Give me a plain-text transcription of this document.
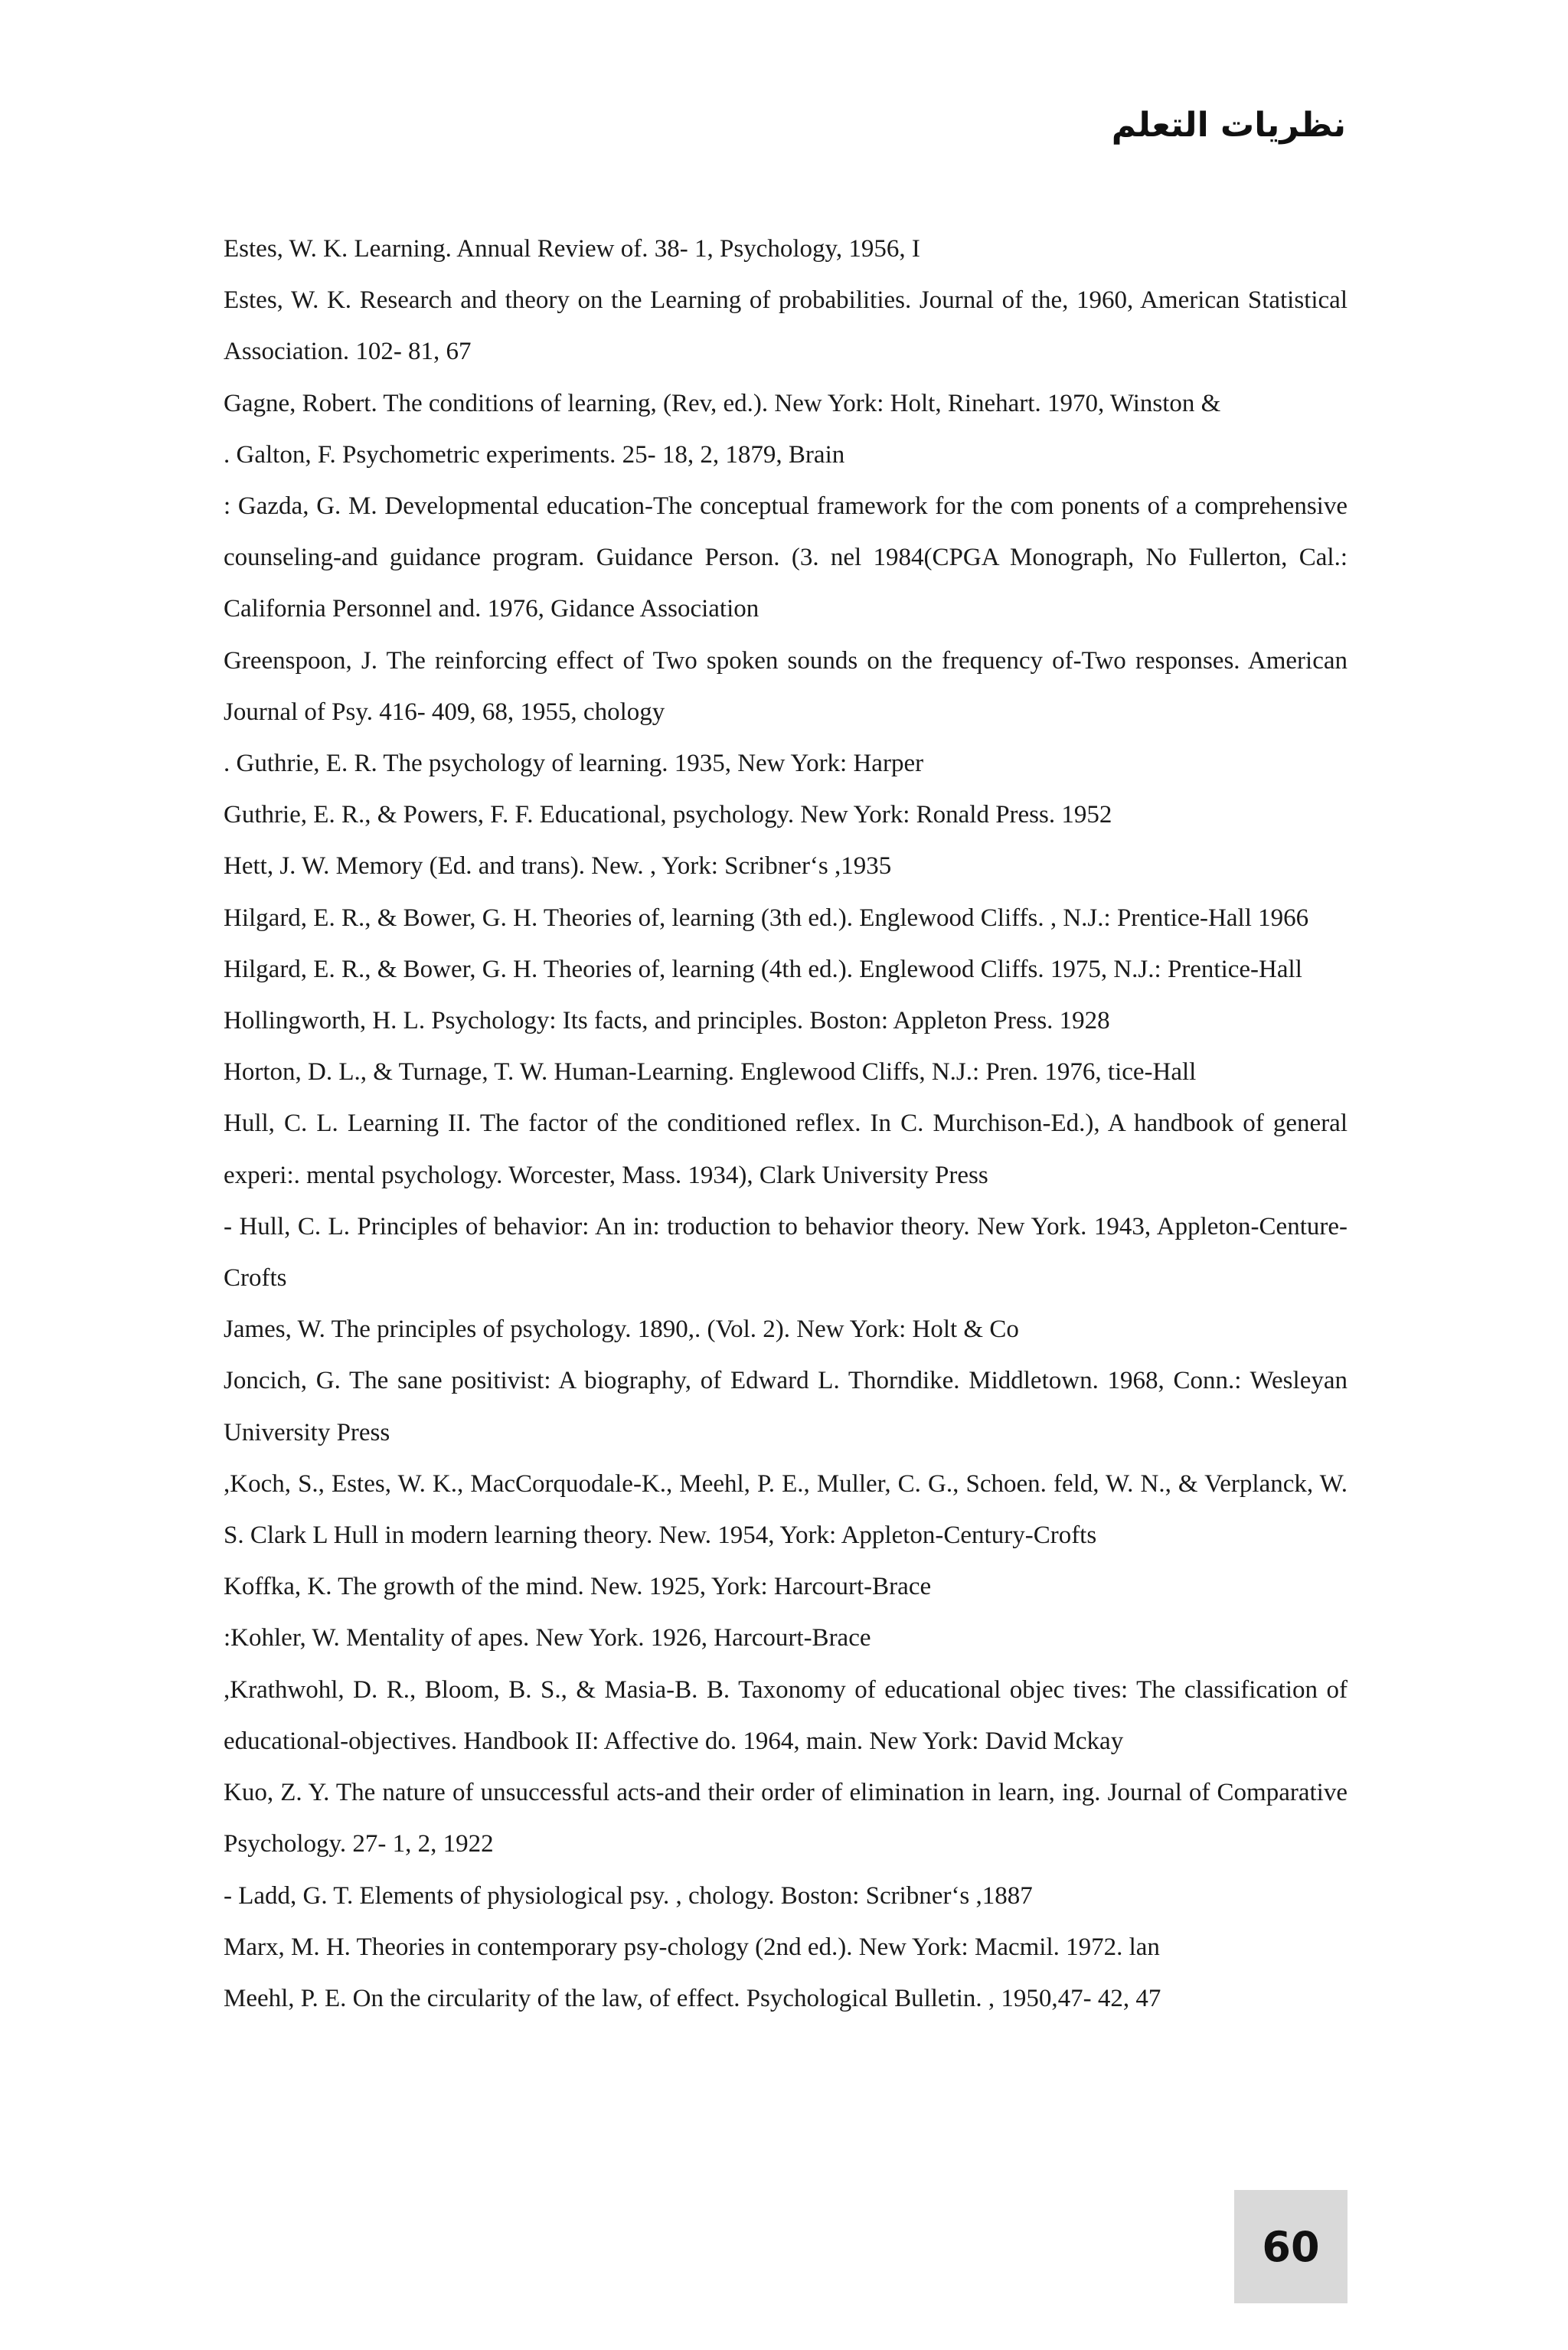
نظريات التعلم

Estes, W. K. Learning. Annual Review of. 38- 1, Psychology, 1956, I

Estes, W. K. Research and theory on the Learning of probabilities. Journal of the, 1960, American Statistical Association. 102- 81, 67

Gagne, Robert. The conditions of learning, (Rev, ed.). New York: Holt, Rinehart. 1970, Winston &

. Galton, F. Psychometric experiments. 25- 18, 2, 1879, Brain

: Gazda, G. M. Developmental education-The conceptual framework for the com ponents of a comprehensive counseling-and guidance program. Guidance Person. (3. nel 1984(CPGA Monograph, No Fullerton, Cal.: California Personnel and. 1976, Gidance Association

Greenspoon, J. The reinforcing effect of Two spoken sounds on the frequency of-Two responses. American Journal of Psy. 416- 409, 68, 1955, chology

. Guthrie, E. R. The psychology of learning. 1935, New York: Harper

Guthrie, E. R., & Powers, F. F. Educational, psychology. New York: Ronald Press. 1952

Hett, J. W. Memory (Ed. and trans). New. , York: Scribner‘s ,1935

Hilgard, E. R., & Bower, G. H. Theories of, learning (3th ed.). Englewood Cliffs. , N.J.: Prentice-Hall 1966

Hilgard, E. R., & Bower, G. H. Theories of, learning (4th ed.). Englewood Cliffs. 1975, N.J.: Prentice-Hall

Hollingworth, H. L. Psychology: Its facts, and principles. Boston: Appleton Press. 1928

Horton, D. L., & Turnage, T. W. Human-Learning. Englewood Cliffs, N.J.: Pren. 1976, tice-Hall

Hull, C. L. Learning II. The factor of the conditioned reflex. In C. Murchison-Ed.), A handbook of general experi:. mental psychology. Worcester, Mass. 1934), Clark University Press

- Hull, C. L. Principles of behavior: An in: troduction to behavior theory. New York. 1943, Appleton-Centure-Crofts

James, W. The principles of psychology. 1890,. (Vol. 2). New York: Holt & Co

Joncich, G. The sane positivist: A biography, of Edward L. Thorndike. Middletown. 1968, Conn.: Wesleyan University Press

,Koch, S., Estes, W. K., MacCorquodale-K., Meehl, P. E., Muller, C. G., Schoen. feld, W. N., & Verplanck, W. S. Clark L Hull in modern learning theory. New. 1954, York: Appleton-Century-Crofts

Koffka, K. The growth of the mind. New. 1925, York: Harcourt-Brace

:Kohler, W. Mentality of apes. New York. 1926, Harcourt-Brace

,Krathwohl, D. R., Bloom, B. S., & Masia-B. B. Taxonomy of educational objec tives: The classification of educational-objectives. Handbook II: Affective do. 1964, main. New York: David Mckay

Kuo, Z. Y. The nature of unsuccessful acts-and their order of elimination in learn, ing. Journal of Comparative Psychology. 27- 1, 2, 1922

- Ladd, G. T. Elements of physiological psy. , chology. Boston: Scribner‘s ,1887

Marx, M. H. Theories in contemporary psy-chology (2nd ed.). New York: Macmil. 1972. lan

Meehl, P. E. On the circularity of the law, of effect. Psychological Bulletin. , 1950,47- 42, 47

60
